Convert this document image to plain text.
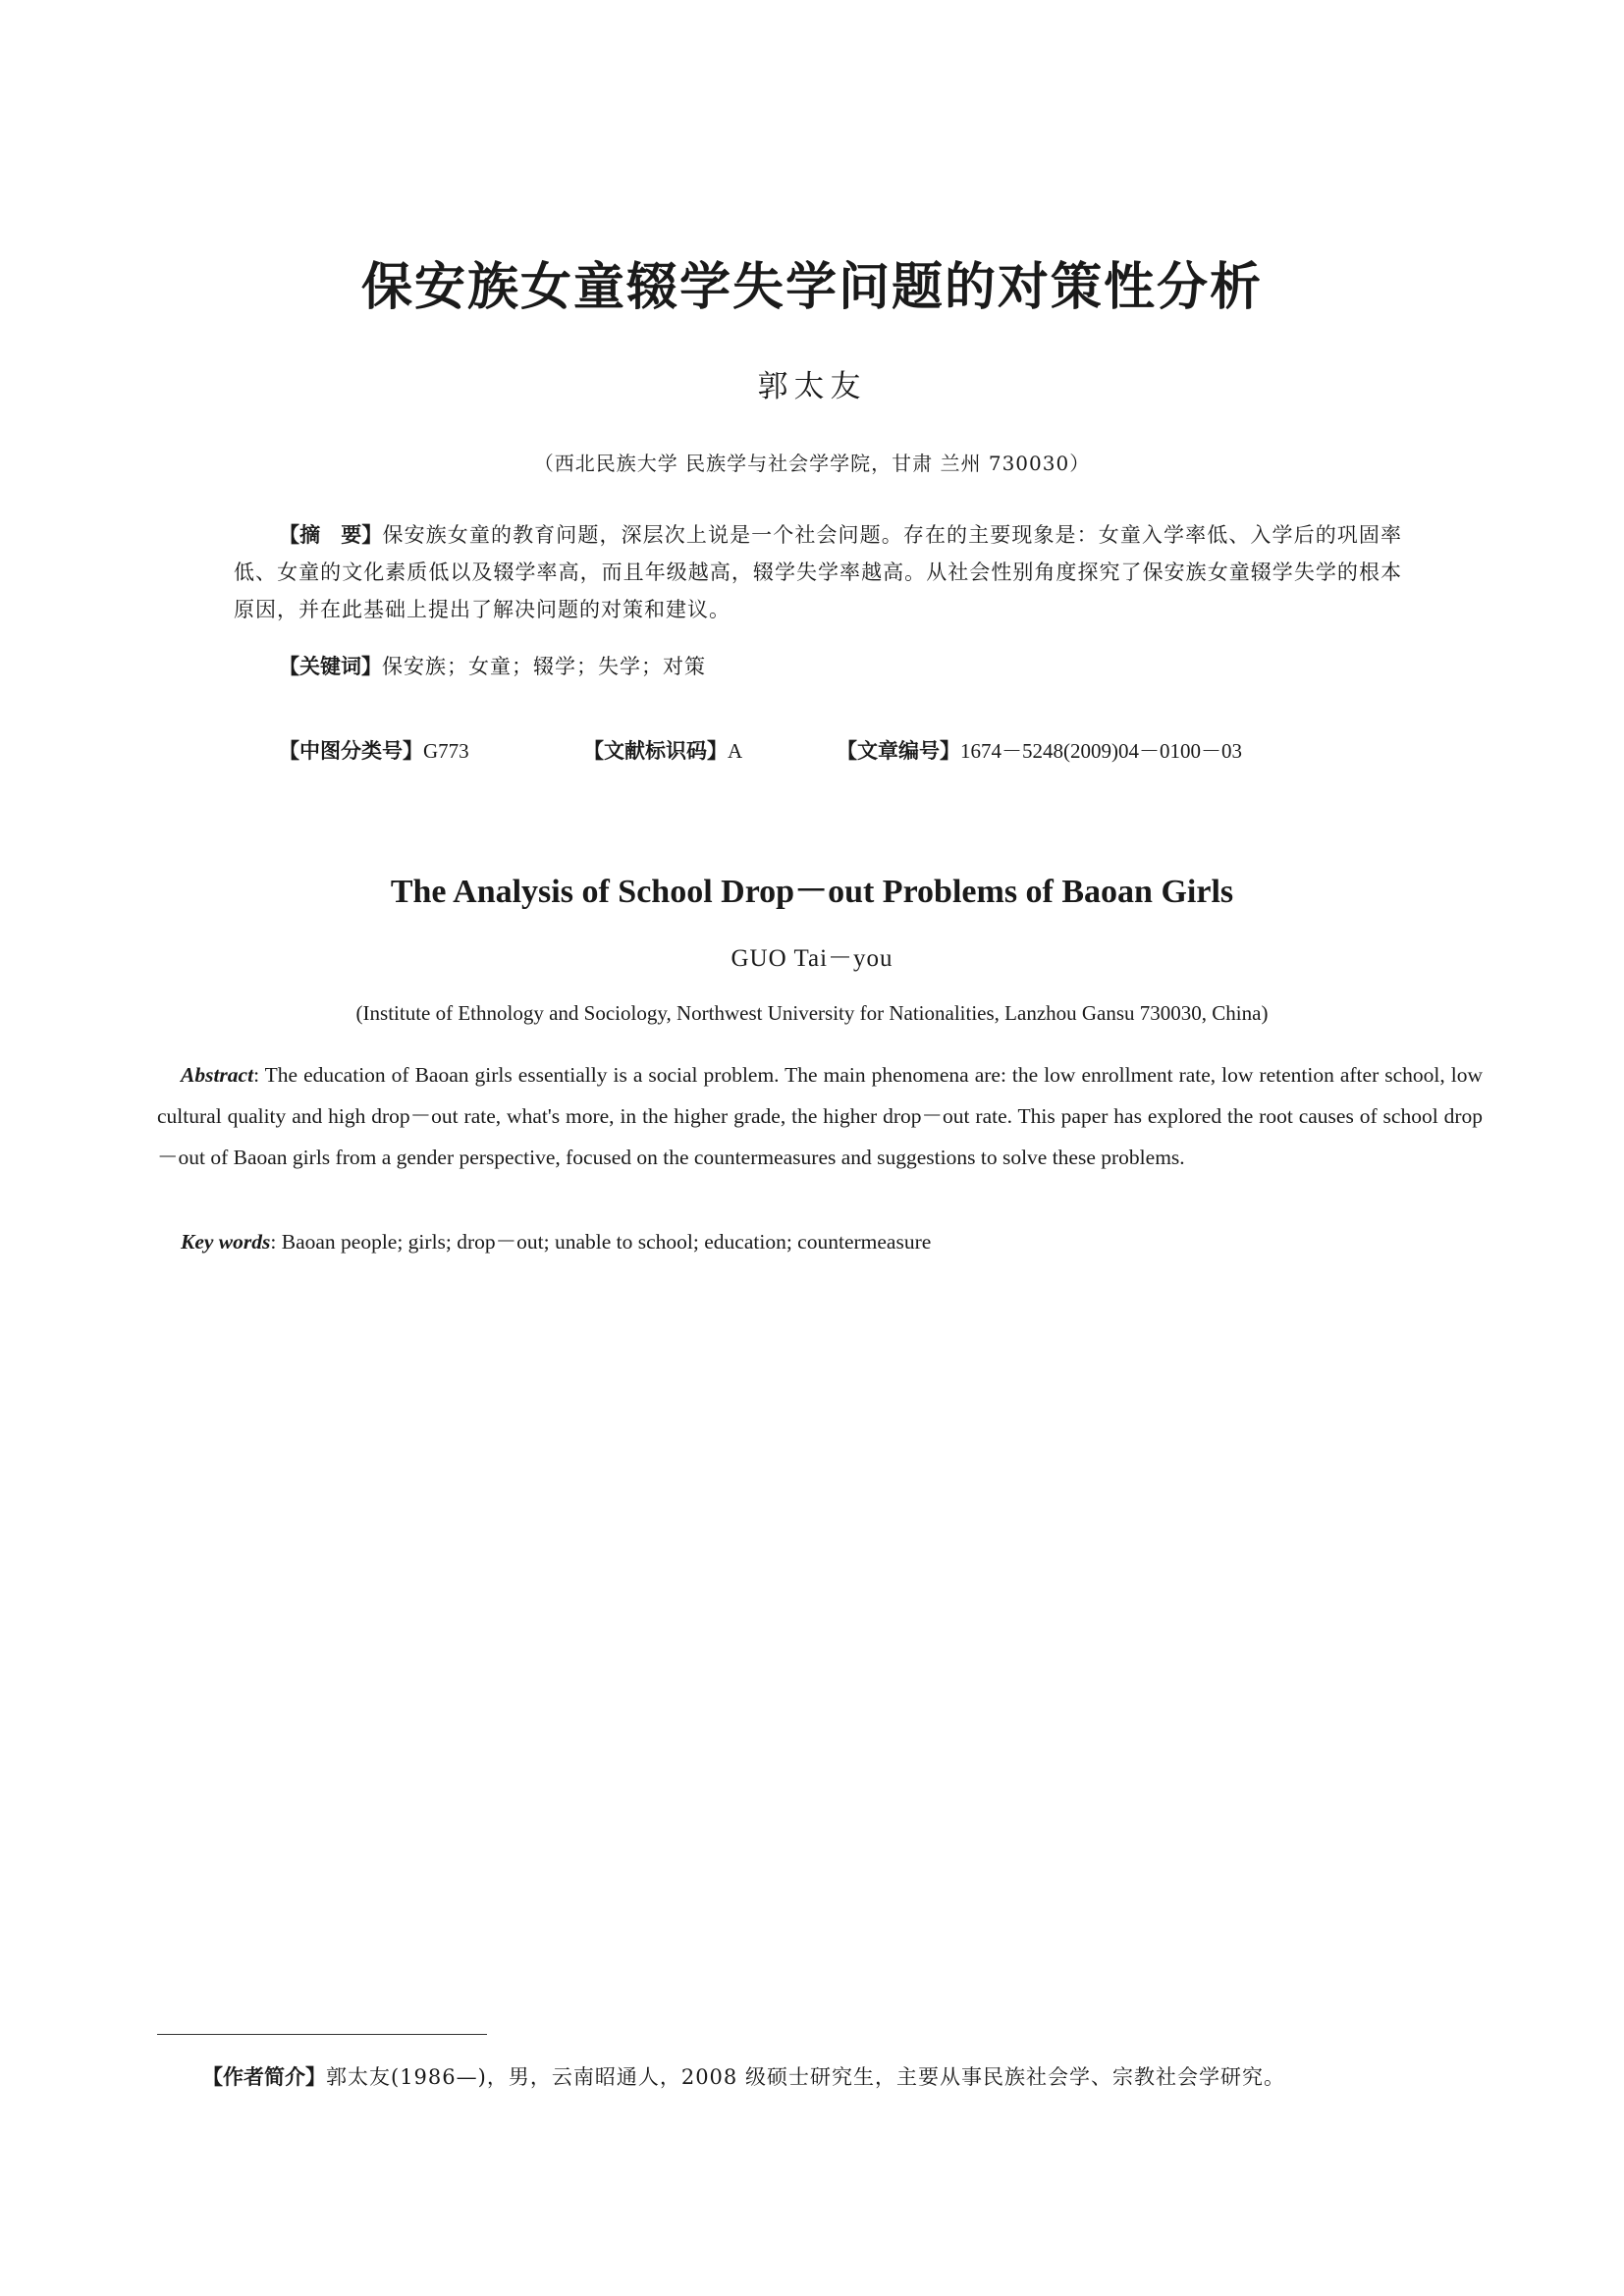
保安族女童辍学失学问题的对策性分析
郭太友
（西北民族大学 民族学与社会学学院，甘肃 兰州 730030）
【摘　要】保安族女童的教育问题，深层次上说是一个社会问题。存在的主要现象是：女童入学率低、入学后的巩固率低、女童的文化素质低以及辍学率高，而且年级越高，辍学失学率越高。从社会性别角度探究了保安族女童辍学失学的根本原因，并在此基础上提出了解决问题的对策和建议。
【关键词】保安族；女童；辍学；失学；对策
【中图分类号】G773	【文献标识码】A	【文章编号】1674－5248(2009)04－0100－03
The Analysis of School Drop－out Problems of Baoan Girls
GUO Tai－you
(Institute of Ethnology and Sociology, Northwest University for Nationalities, Lanzhou Gansu 730030, China)
Abstract: The education of Baoan girls essentially is a social problem. The main phenomena are: the low enrollment rate, low retention after school, low cultural quality and high drop－out rate, what's more, in the higher grade, the higher drop－out rate. This paper has explored the root causes of school drop－out of Baoan girls from a gender perspective, focused on the countermeasures and suggestions to solve these problems.
Key words: Baoan people; girls; drop－out; unable to school; education; countermeasure
【作者简介】郭太友(1986—)，男，云南昭通人，2008 级硕士研究生，主要从事民族社会学、宗教社会学研究。
